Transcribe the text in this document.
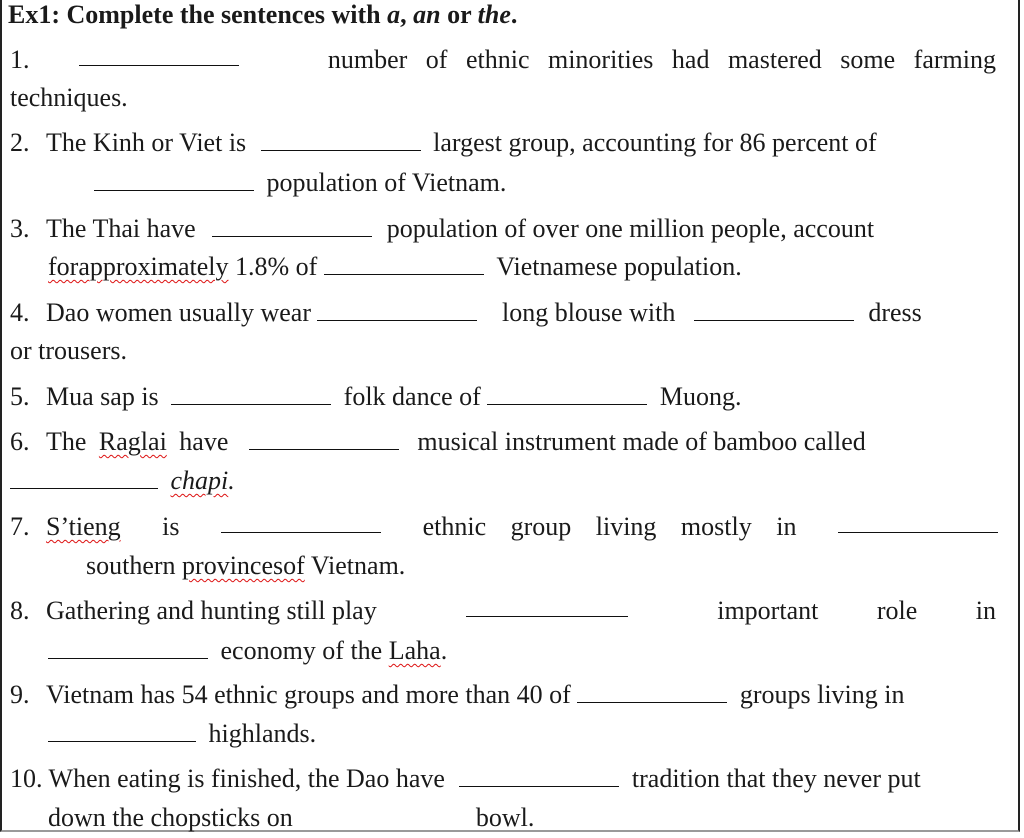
Ex1: Complete the sentences with a, an or the.
1.	number of ethnic minorities had mastered some farming
techniques.
2. The Kinh or Viet is	largest group, accounting for 86 percent of
population of Vietnam.
3. The Thai have	population of over one million people, account
forapproximately 1.8% of	Vietnamese population.
4. Dao women usually wear	long blouse with	dress
or trousers.
5. Mua sap is	folk dance of	Muong.
6. The Raglai have	musical instrument made of bamboo called
chapi.
7. S’tieng is	ethnic group living mostly in
southern provincesof Vietnam.
8. Gathering and hunting still play	important role in
economy of the Laha.
9. Vietnam has 54 ethnic groups and more than 40 of	groups living in
highlands.
10. When eating is finished, the Dao have	tradition that they never put
down the chopsticks on	bowl.
